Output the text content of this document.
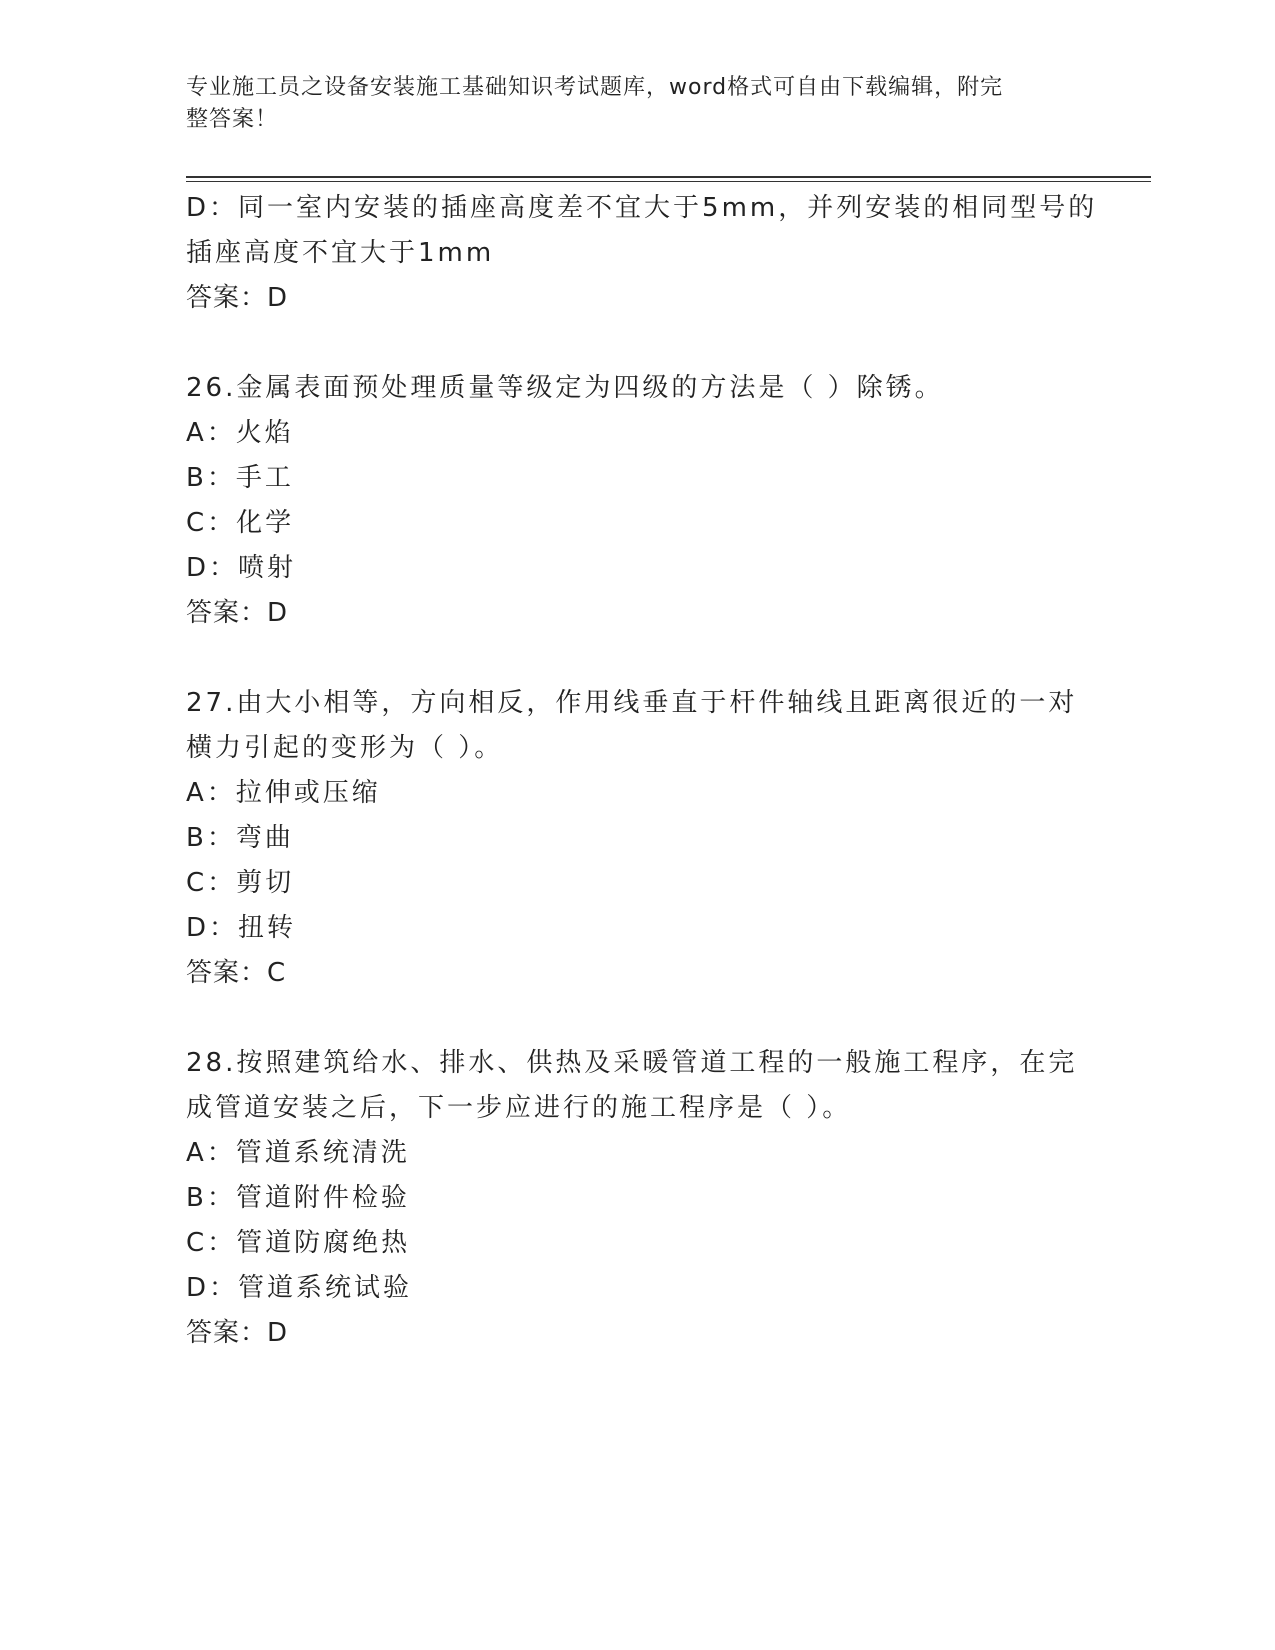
专业施工员之设备安装施工基础知识考试题库，word格式可自由下载编辑，附完
整答案！
D：同一室内安装的插座高度差不宜大于5mm，并列安装的相同型号的
插座高度不宜大于1mm
答案：D
26.金属表面预处理质量等级定为四级的方法是（ ）除锈。
A：火焰
B：手工
C：化学
D：喷射
答案：D
27.由大小相等，方向相反，作用线垂直于杆件轴线且距离很近的一对
横力引起的变形为（ ）。
A：拉伸或压缩
B：弯曲
C：剪切
D：扭转
答案：C
28.按照建筑给水、排水、供热及采暖管道工程的一般施工程序，在完
成管道安装之后，下一步应进行的施工程序是（ ）。
A：管道系统清洗
B：管道附件检验
C：管道防腐绝热
D：管道系统试验
答案：D
